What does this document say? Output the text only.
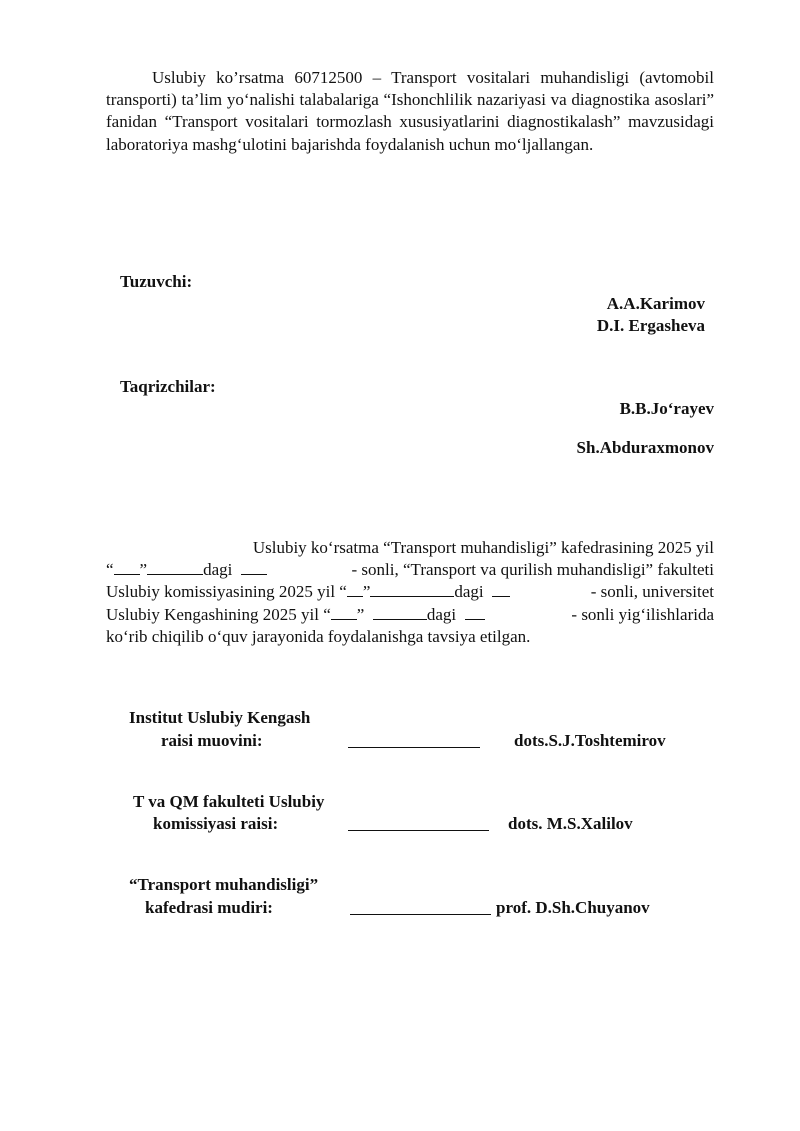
Uslubiy ko’rsatma 60712500 – Transport vositalari muhandisligi (avtomobil transporti) ta’lim yo‘nalishi talabalariga “Ishonchlilik nazariyasi va diagnostika asoslari” fanidan “Transport vositalari tormozlash xususiyatlarini diagnostikalash” mavzusidagi laboratoriya mashg‘ulotini bajarishda foydalanish uchun mo‘ljallangan.

Tuzuvchi:
A.A.Karimov
D.I. Ergasheva
Taqrizchilar:
B.B.Jo‘rayev
Sh.Abduraxmonov
Uslubiy ko‘rsatma “Transport muhandisligi” kafedrasining 2025 yil
“ ”	dagi	- sonli, “Transport va qurilish muhandisligi” fakulteti
Uslubiy komissiyasining 2025 yil “ ”	dagi	- sonli, universitet
Uslubiy Kengashining 2025 yil “ ”	dagi	- sonli yig‘ilishlarida
ko‘rib chiqilib o‘quv jarayonida foydalanishga tavsiya etilgan.
Institut Uslubiy Kengash
raisi muovini:	dots.S.J.Toshtemirov
T va QM fakulteti Uslubiy
komissiyasi raisi:	dots. M.S.Xalilov
“Transport muhandisligi”
kafedrasi mudiri:	prof. D.Sh.Chuyanov
